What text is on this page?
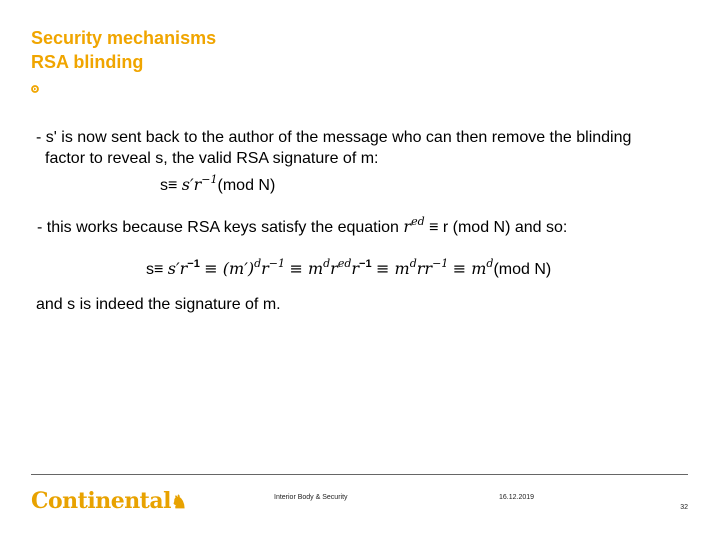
Security mechanisms
RSA blinding
- s' is now sent back to the author of the message who can then remove the blinding
factor to reveal s, the valid RSA signature of m:
$s\equiv s'r^{-1}(mod$ N)
- this works because RSA keys satisfy the equation $r^{ed} \equiv r$ (mod N) and so:
$s\equiv s'r^{-1} \equiv (m')^dr^{-1} \equiv m^dr^{ed}r^{-1} \equiv m^drr^{-1} \equiv m^d(mod$ N)
and s is indeed the signature of m.
Continental♞	Interior Body & Security	16.12.2019
32
